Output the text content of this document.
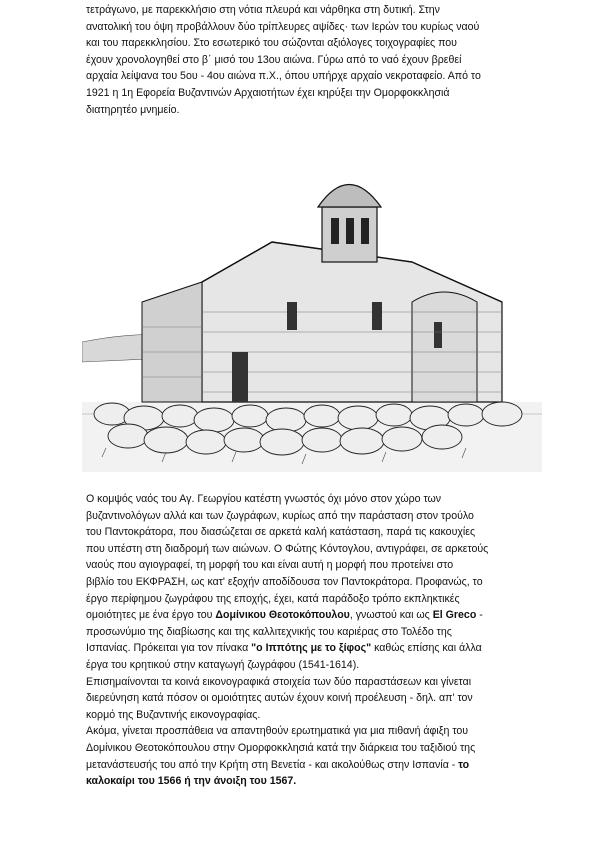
τετράγωνο, με παρεκκλήσιο στη νότια πλευρά και νάρθηκα στη δυτική. Στην
ανατολική του όψη προβάλλουν δύο τρίπλευρες αψίδες· των Ιερών του κυρίως ναού
και του παρεκκλησίου. Στο εσωτερικό του σώζονται αξιόλογες τοιχογραφίες που
έχουν χρονολογηθεί στο β΄ μισό του 13ου αιώνα. Γύρω από το ναό έχουν βρεθεί
αρχαία λείψανα του 5ου - 4ου αιώνα π.Χ., όπου υπήρχε αρχαίο νεκροταφείο. Από το
1921 η 1η Εφορεία Βυζαντινών Αρχαιοτήτων έχει κηρύξει την Ομορφοκκλησιά
διατηρητέο μνημείο.
Ο κομψός ναός του Αγ. Γεωργίου κατέστη γνωστός όχι μόνο στον χώρο των
βυζαντινολόγων αλλά και των ζωγράφων, κυρίως από την παράσταση στον τρούλο
του Παντοκράτορα, που διασώζεται σε αρκετά καλή κατάσταση, παρά τις κακουχίες
που υπέστη στη διαδρομή των αιώνων. Ο Φώτης Κόντογλου, αντιγράφει, σε αρκετούς
ναούς που αγιογραφεί, τη μορφή του και είναι αυτή η μορφή που προτείνει στο
βιβλίο του ΕΚΦΡΑΣΗ, ως κατ' εξοχήν αποδίδουσα τον Παντοκράτορα. Προφανώς, το
έργο περίφημου ζωγράφου της εποχής, έχει, κατά παράδοξο τρόπο εκπληκτικές
ομοιότητες με ένα έργο του Δομίνικου Θεοτοκόπουλου, γνωστού και ως El Greco -
προσωνύμιο της διαβίωσης και της καλλιτεχνικής του καριέρας στο Τολέδο της
Ισπανίας. Πρόκειται για τον πίνακα "ο Ιππότης με το ξίφος" καθώς επίσης και άλλα
έργα του κρητικού στην καταγωγή ζωγράφου (1541-1614).
Επισημαίνονται τα κοινά εικονογραφικά στοιχεία των δύο παραστάσεων και γίνεται
διερεύνηση κατά πόσον οι ομοιότητες αυτών έχουν κοινή προέλευση - δηλ. απ' τον
κορμό της Βυζαντινής εικονογραφίας.
Ακόμα, γίνεται προσπάθεια να απαντηθούν ερωτηματικά για μια πιθανή άφιξη του
Δομίνικου Θεοτοκόπουλου στην Ομορφοκκλησιά κατά την διάρκεια του ταξιδιού της
μετανάστευσής του από την Κρήτη στη Βενετία - και ακολούθως στην Ισπανία - το
καλοκαίρι του 1566 ή την άνοιξη του 1567.
